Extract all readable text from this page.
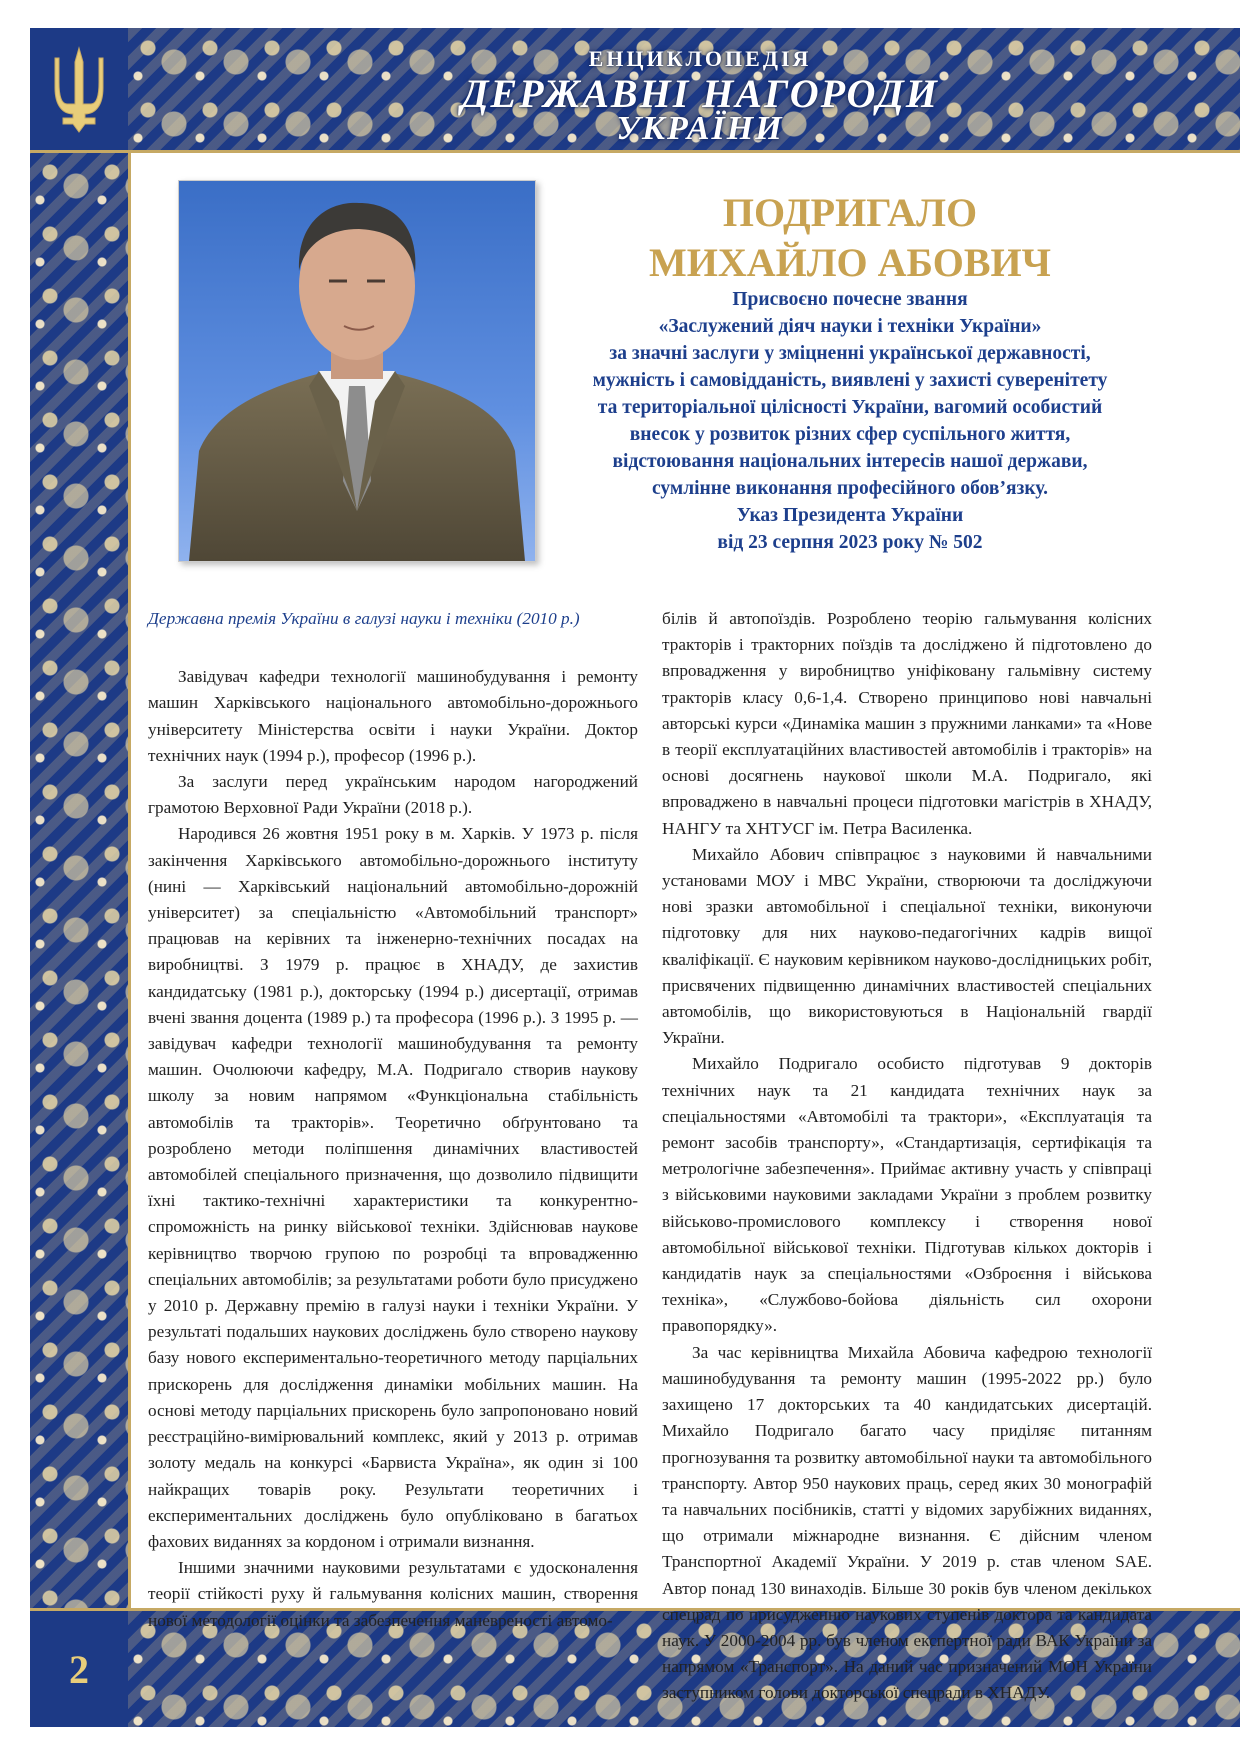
ЕНЦИКЛОПЕДІЯ
ДЕРЖАВНІ НАГОРОДИ
УКРАЇНИ
2
ПОДРИГАЛО
МИХАЙЛО АБОВИЧ
Присвоєно почесне звання
«Заслужений діяч науки і техніки України»
за значні заслуги у зміцненні української державності,
мужність і самовідданість, виявлені у захисті суверенітету
та територіальної цілісності України, вагомий особистий
внесок у розвиток різних сфер суспільного життя,
відстоювання національних інтересів нашої держави,
сумлінне виконання професійного обов’язку.
Указ Президента України
від 23 серпня 2023 року № 502

Державна премія України в галузі науки і техніки (2010 р.)

Завідувач кафедри технології машинобудування і ремонту машин Харківського національного автомобільно-дорожнього університету Міністерства освіти і науки України. Доктор технічних наук (1994 р.), професор (1996 р.).

За заслуги перед українським народом нагороджений грамотою Верховної Ради України (2018 р.).

Народився 26 жовтня 1951 року в м. Харків. У 1973 р. після закінчення Харківського автомобільно-дорожнього інституту (нині — Харківський національний автомобільно-дорожній університет) за спеціальністю «Автомобільний транспорт» працював на керівних та інженерно-технічних посадах на виробництві. З 1979 р. працює в ХНАДУ, де захистив кандидатську (1981 р.), докторську (1994 р.) дисертації, отримав вчені звання доцента (1989 р.) та професора (1996 р.). З 1995 р. — завідувач кафедри технології машинобудування та ремонту машин. Очолюючи кафедру, М.А. Подригало створив наукову школу за новим напрямом «Функціональна стабільність автомобілів та тракторів». Теоретично обґрунтовано та розроблено методи поліпшення динамічних властивостей автомобілей спеціального призначення, що дозволило підвищити їхні тактико-технічні характеристики та конкурентно-спроможність на ринку військової техніки. Здійснював наукове керівництво творчою групою по розробці та впровадженню спеціальних автомобілів; за результатами роботи було присуджено у 2010 р. Державну премію в галузі науки і техніки України. У результаті подальших наукових досліджень було створено наукову базу нового експериментально-теоретичного методу парціальних прискорень для дослідження динаміки мобільних машин. На основі методу парціальних прискорень було запропоновано новий реєстраційно-вимірювальний комплекс, який у 2013 р. отримав золоту медаль на конкурсі «Барвиста Україна», як один зі 100 найкращих товарів року. Результати теоретичних і експериментальних досліджень було опубліковано в багатьох фахових виданнях за кордоном і отримали визнання.

Іншими значними науковими результатами є удосконалення теорії стійкості руху й гальмування колісних машин, створення нової методології оцінки та забезпечення маневреності автомо-

білів й автопоїздів. Розроблено теорію гальмування колісних тракторів і тракторних поїздів та досліджено й підготовлено до впровадження у виробництво уніфіковану гальмівну систему тракторів класу 0,6-1,4. Створено принципово нові навчальні авторські курси «Динаміка машин з пружними ланками» та «Нове в теорії експлуатаційних властивостей автомобілів і тракторів» на основі досягнень наукової школи М.А. Подригало, які впроваджено в навчальні процеси підготовки магістрів в ХНАДУ, НАНГУ та ХНТУСГ ім. Петра Василенка.

Михайло Абович співпрацює з науковими й навчальними установами МОУ і МВС України, створюючи та досліджуючи нові зразки автомобільної і спеціальної техніки, виконуючи підготовку для них науково-педагогічних кадрів вищої кваліфікації. Є науковим керівником науково-дослідницьких робіт, присвячених підвищенню динамічних властивостей спеціальних автомобілів, що використовуються в Національній гвардії України.

Михайло Подригало особисто підготував 9 докторів технічних наук та 21 кандидата технічних наук за спеціальностями «Автомобілі та трактори», «Експлуатація та ремонт засобів транспорту», «Стандартизація, сертифікація та метрологічне забезпечення». Приймає активну участь у співпраці з військовими науковими закладами України з проблем розвитку військово-промислового комплексу і створення нової автомобільної військової техніки. Підготував кількох докторів і кандидатів наук за спеціальностями «Озброєння і військова техніка», «Службово-бойова діяльність сил охорони правопорядку».

За час керівництва Михайла Абовича кафедрою технології машинобудування та ремонту машин (1995-2022 рр.) було захищено 17 докторських та 40 кандидатських дисертацій. Михайло Подригало багато часу приділяє питанням прогнозування та розвитку автомобільної науки та автомобільного транспорту. Автор 950 наукових праць, серед яких 30 монографій та навчальних посібників, статті у відомих зарубіжних виданнях, що отримали міжнародне визнання. Є дійсним членом Транспортної Академії України. У 2019 р. став членом SAE. Автор понад 130 винаходів. Більше 30 років був членом декількох спецрад по присудженню наукових ступенів доктора та кандидата наук. У 2000-2004 рр. був членом експертної ради ВАК України за напрямом «Транспорт». На даний час призначений МОН України заступником голови докторської спецради в ХНАДУ.
